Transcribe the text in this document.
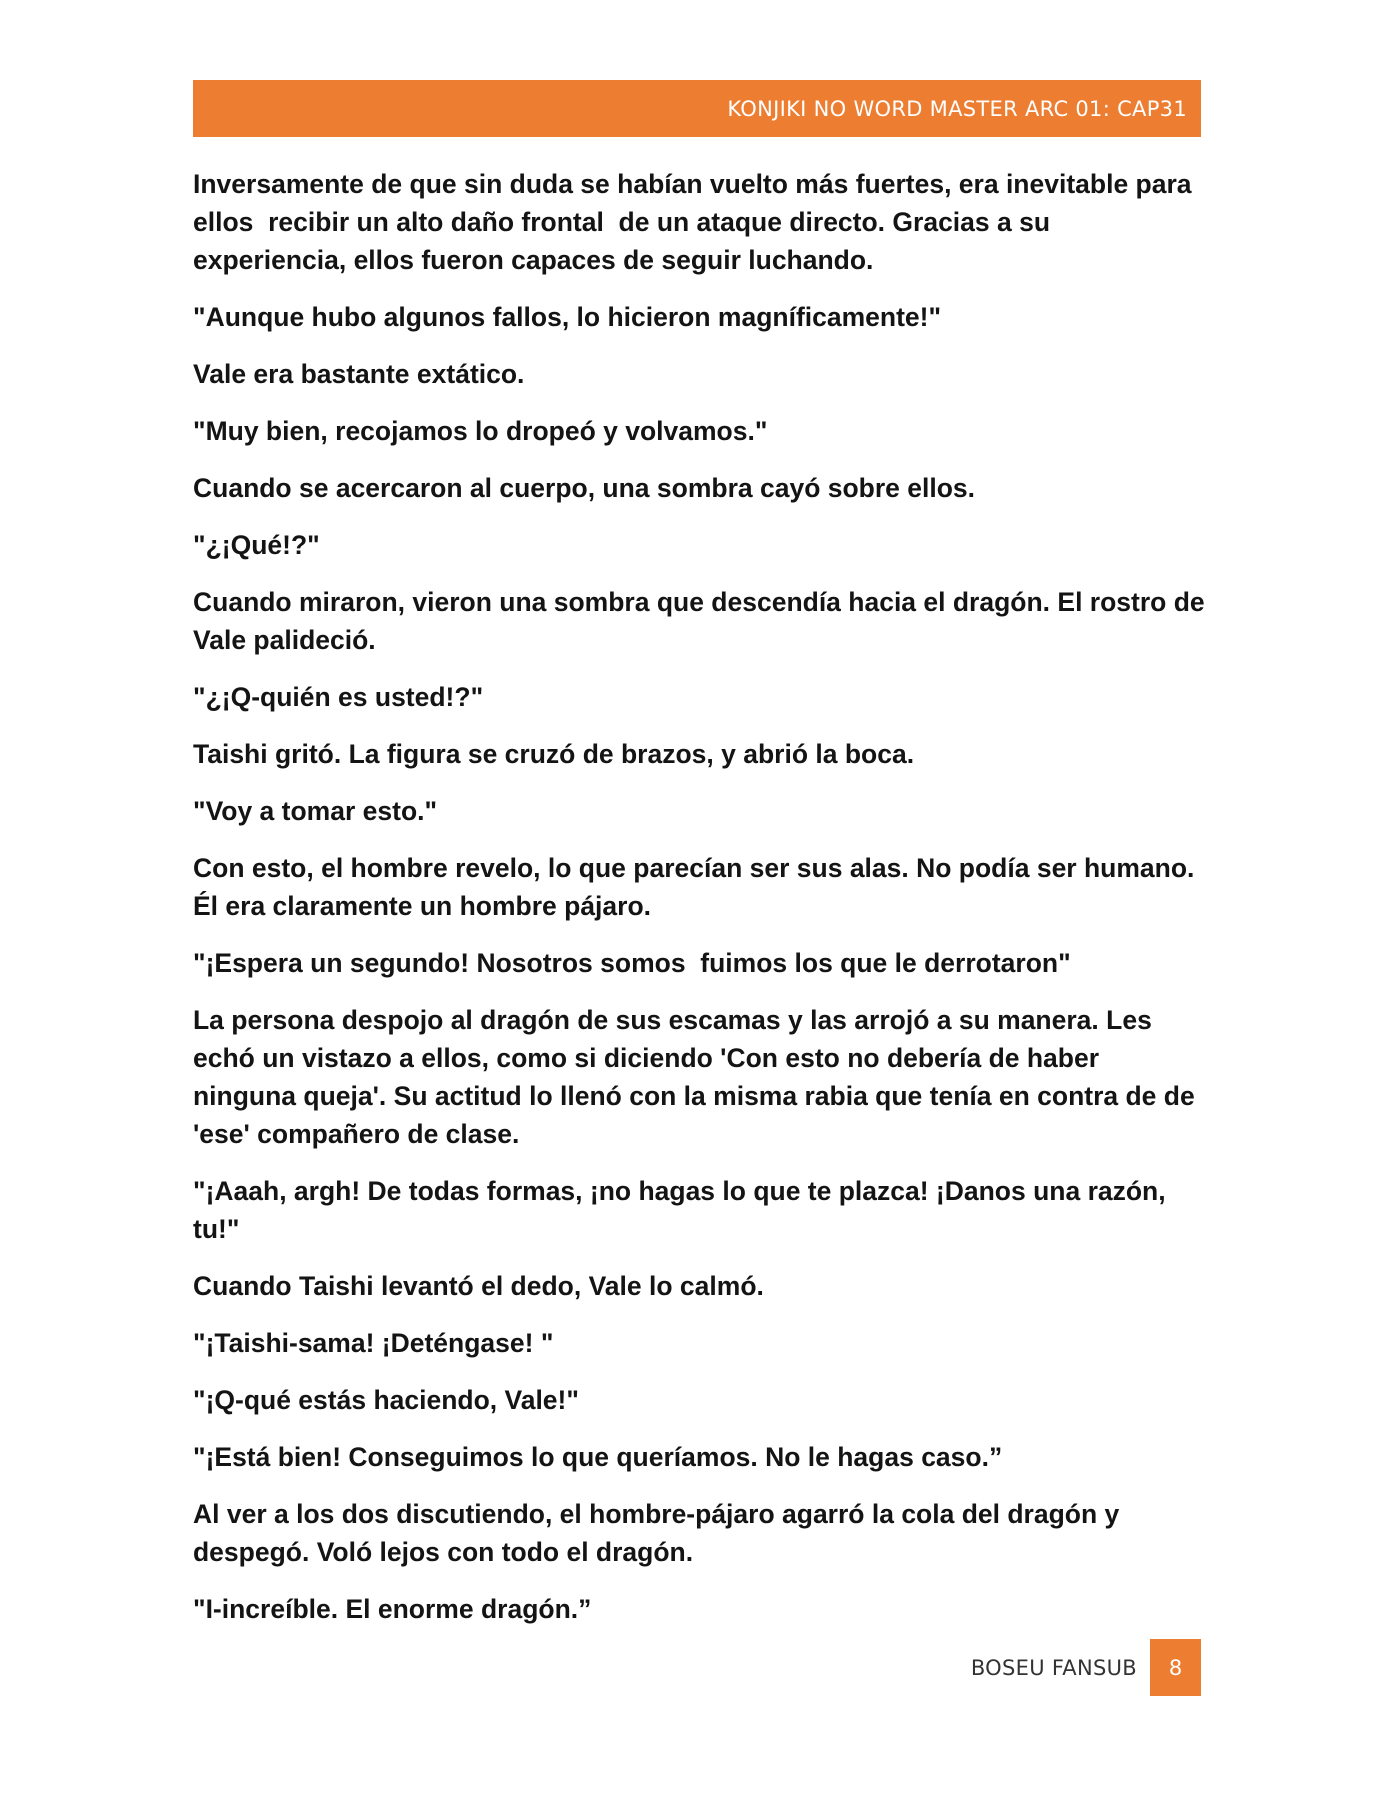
KONJIKI NO WORD MASTER ARC 01: CAP31

Inversamente de que sin duda se habían vuelto más fuertes, era inevitable para ellos  recibir un alto daño frontal  de un ataque directo. Gracias a su experiencia, ellos fueron capaces de seguir luchando.

"Aunque hubo algunos fallos, lo hicieron magníficamente!"

Vale era bastante extático.

"Muy bien, recojamos lo dropeó y volvamos."

Cuando se acercaron al cuerpo, una sombra cayó sobre ellos.

"¿¡Qué!?"

Cuando miraron, vieron una sombra que descendía hacia el dragón. El rostro de Vale palideció.

"¿¡Q-quién es usted!?"

Taishi gritó. La figura se cruzó de brazos, y abrió la boca.

"Voy a tomar esto."

Con esto, el hombre revelo, lo que parecían ser sus alas. No podía ser humano. Él era claramente un hombre pájaro.

"¡Espera un segundo! Nosotros somos  fuimos los que le derrotaron"

La persona despojo al dragón de sus escamas y las arrojó a su manera. Les echó un vistazo a ellos, como si diciendo 'Con esto no debería de haber ninguna queja'. Su actitud lo llenó con la misma rabia que tenía en contra de de 'ese' compañero de clase.

"¡Aaah, argh! De todas formas, ¡no hagas lo que te plazca! ¡Danos una razón, tu!"

Cuando Taishi levantó el dedo, Vale lo calmó.

"¡Taishi-sama! ¡Deténgase! "

"¡Q-qué estás haciendo, Vale!"

"¡Está bien! Conseguimos lo que queríamos. No le hagas caso.”

Al ver a los dos discutiendo, el hombre-pájaro agarró la cola del dragón y despegó. Voló lejos con todo el dragón.

"I-increíble. El enorme dragón.”

BOSEU FANSUB 8
